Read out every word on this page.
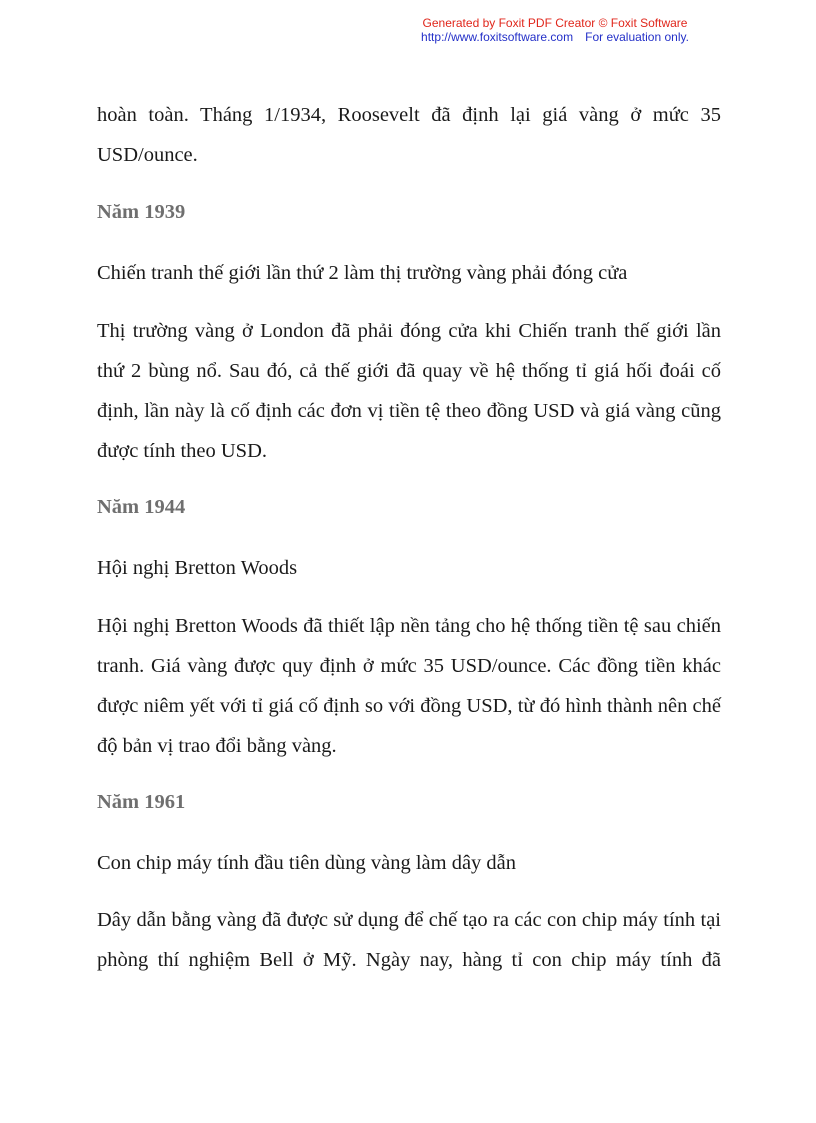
Generated by Foxit PDF Creator © Foxit Software
http://www.foxitsoftware.com For evaluation only.
hoàn toàn. Tháng 1/1934, Roosevelt đã định lại giá vàng ở mức 35 USD/ounce.
Năm 1939
Chiến tranh thế giới lần thứ 2 làm thị trường vàng phải đóng cửa
Thị trường vàng ở London đã phải đóng cửa khi Chiến tranh thế giới lần thứ 2 bùng nổ. Sau đó, cả thế giới đã quay về hệ thống tỉ giá hối đoái cố định, lần này là cố định các đơn vị tiền tệ theo đồng USD và giá vàng cũng được tính theo USD.
Năm 1944
Hội nghị Bretton Woods
Hội nghị Bretton Woods đã thiết lập nền tảng cho hệ thống tiền tệ sau chiến tranh. Giá vàng được quy định ở mức 35 USD/ounce. Các đồng tiền khác được niêm yết với tỉ giá cố định so với đồng USD, từ đó hình thành nên chế độ bản vị trao đổi bằng vàng.
Năm 1961
Con chip máy tính đầu tiên dùng vàng làm dây dẫn
Dây dẫn bằng vàng đã được sử dụng để chế tạo ra các con chip máy tính tại phòng thí nghiệm Bell ở Mỹ. Ngày nay, hàng tỉ con chip máy tính đã
